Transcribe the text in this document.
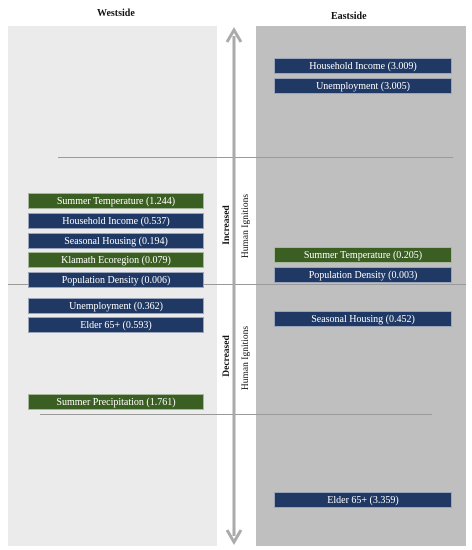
Westside	Eastside
Increased Human Ignitions
Decreased Human Ignitions
Summer Temperature (1.244)
Household Income (0.537)
Seasonal Housing (0.194)
Klamath Ecoregion (0.079)
Population Density (0.006)
Unemployment (0.362)
Elder 65+ (0.593)
Summer Precipitation (1.761)
Household Income (3.009)
Unemployment (3.005)
Summer Temperature (0.205)
Population Density (0.003)
Seasonal Housing (0.452)
Elder 65+ (3.359)
